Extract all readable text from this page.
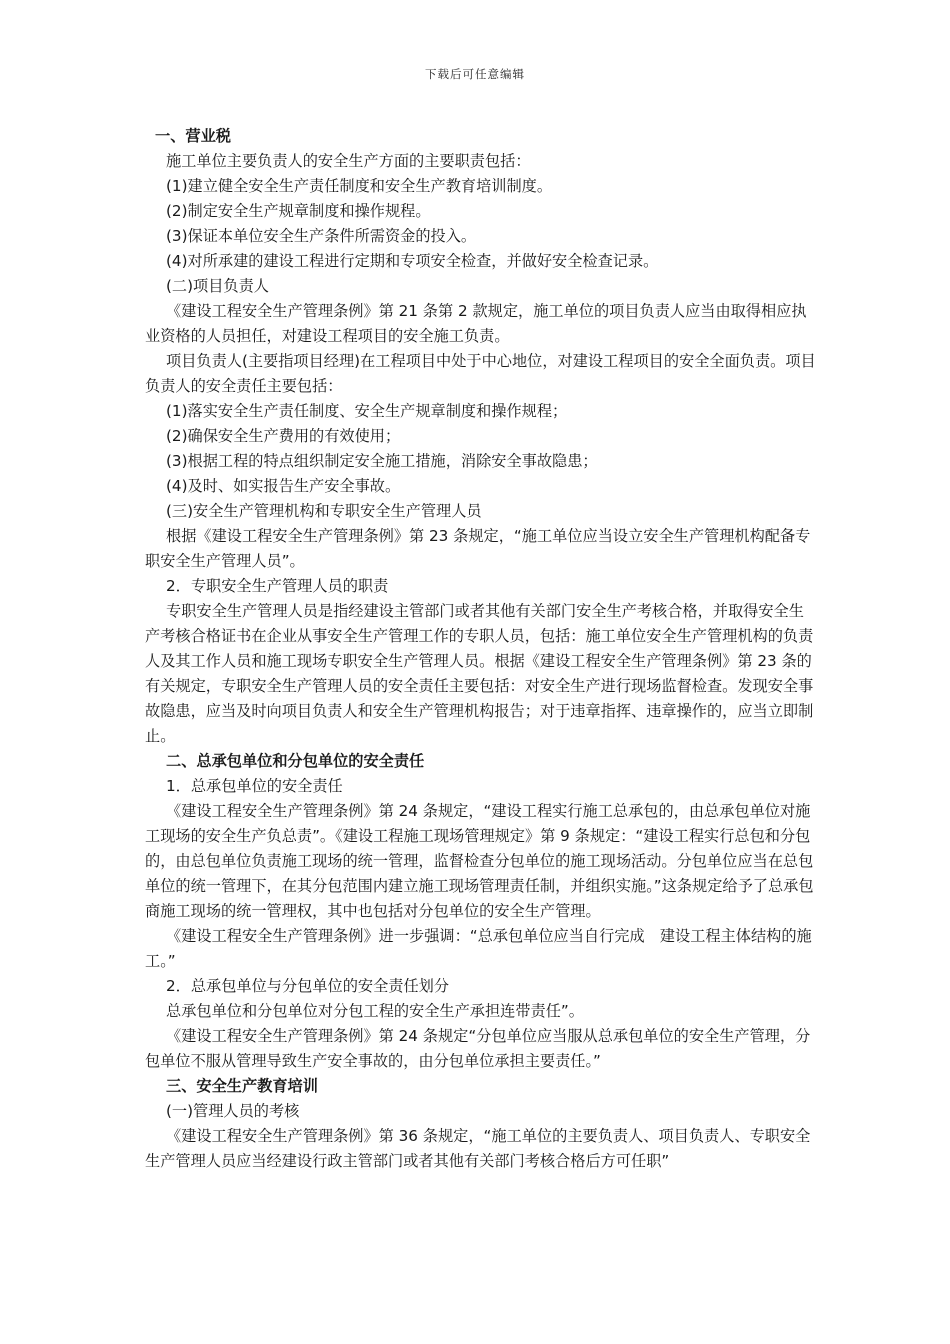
下载后可任意编辑

一、营业税

施工单位主要负责人的安全生产方面的主要职责包括：

(1)建立健全安全生产责任制度和安全生产教育培训制度。

(2)制定安全生产规章制度和操作规程。

(3)保证本单位安全生产条件所需资金的投入。

(4)对所承建的建设工程进行定期和专项安全检查，并做好安全检查记录。

(二)项目负责人

《建设工程安全生产管理条例》第 21 条第 2 款规定，施工单位的项目负责人应当由取得相应执业资格的人员担任，对建设工程项目的安全施工负责。

项目负责人(主要指项目经理)在工程项目中处于中心地位，对建设工程项目的安全全面负责。项目负责人的安全责任主要包括：

(1)落实安全生产责任制度、安全生产规章制度和操作规程；

(2)确保安全生产费用的有效使用；

(3)根据工程的特点组织制定安全施工措施，消除安全事故隐患；

(4)及时、如实报告生产安全事故。

(三)安全生产管理机构和专职安全生产管理人员

根据《建设工程安全生产管理条例》第 23 条规定，“施工单位应当设立安全生产管理机构配备专职安全生产管理人员”。

2．专职安全生产管理人员的职责

专职安全生产管理人员是指经建设主管部门或者其他有关部门安全生产考核合格，并取得安全生产考核合格证书在企业从事安全生产管理工作的专职人员，包括：施工单位安全生产管理机构的负责人及其工作人员和施工现场专职安全生产管理人员。根据《建设工程安全生产管理条例》第 23 条的有关规定，专职安全生产管理人员的安全责任主要包括：对安全生产进行现场监督检查。发现安全事故隐患，应当及时向项目负责人和安全生产管理机构报告；对于违章指挥、违章操作的，应当立即制止。

二、总承包单位和分包单位的安全责任

1．总承包单位的安全责任

《建设工程安全生产管理条例》第 24 条规定，“建设工程实行施工总承包的，由总承包单位对施工现场的安全生产负总责”。《建设工程施工现场管理规定》第 9 条规定：“建设工程实行总包和分包的，由总包单位负责施工现场的统一管理，监督检查分包单位的施工现场活动。分包单位应当在总包单位的统一管理下，在其分包范围内建立施工现场管理责任制，并组织实施。”这条规定给予了总承包商施工现场的统一管理权，其中也包括对分包单位的安全生产管理。

《建设工程安全生产管理条例》进一步强调：“总承包单位应当自行完成　建设工程主体结构的施工。”

2．总承包单位与分包单位的安全责任划分

总承包单位和分包单位对分包工程的安全生产承担连带责任”。

《建设工程安全生产管理条例》第 24 条规定“分包单位应当服从总承包单位的安全生产管理，分包单位不服从管理导致生产安全事故的，由分包单位承担主要责任。”

三、安全生产教育培训

(一)管理人员的考核

《建设工程安全生产管理条例》第 36 条规定，“施工单位的主要负责人、项目负责人、专职安全生产管理人员应当经建设行政主管部门或者其他有关部门考核合格后方可任职”
